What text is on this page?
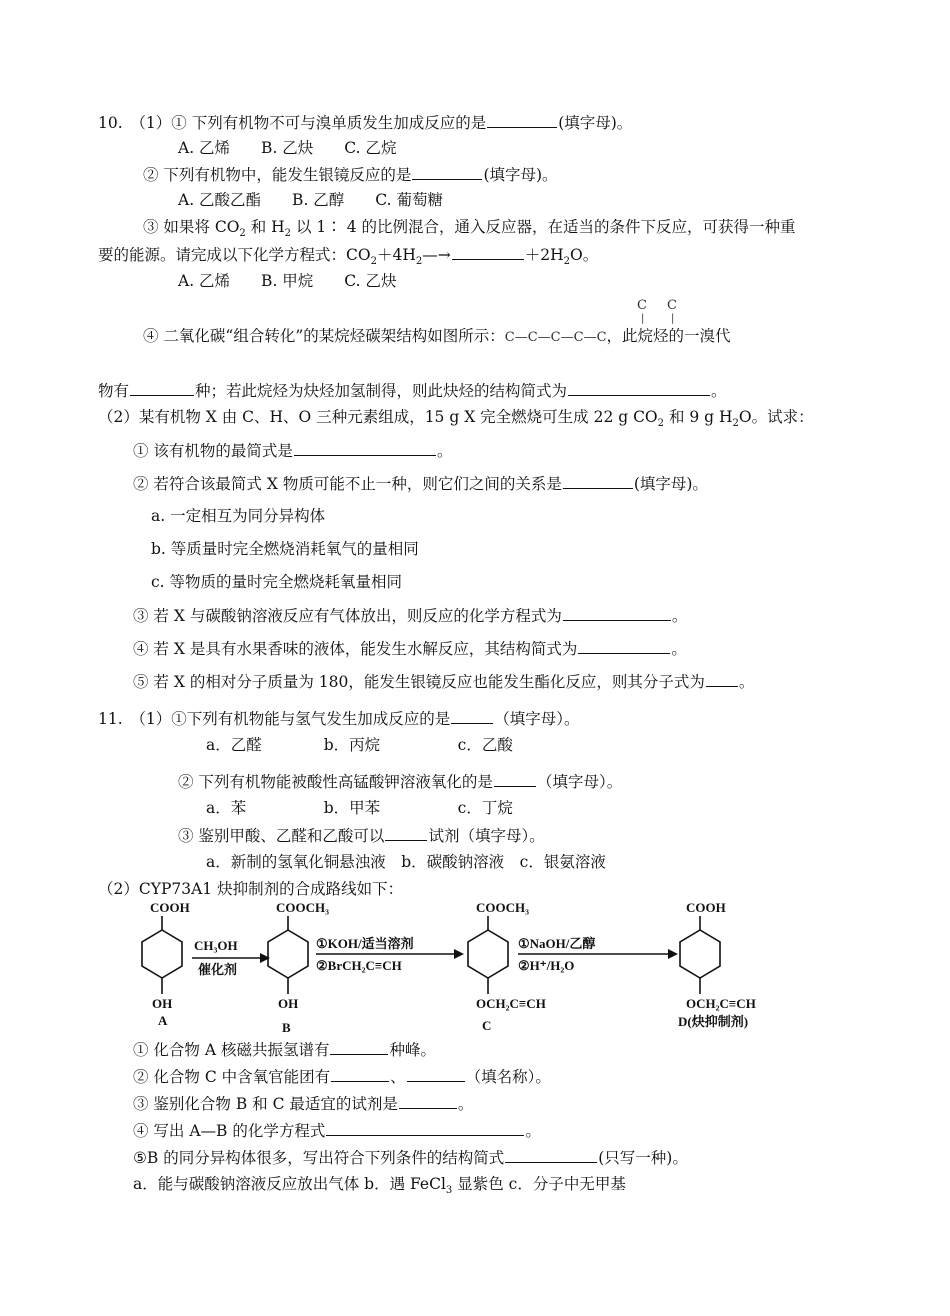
10.　（1）① 下列有机物不可与溴单质发生加成反应的是	(填字母)。
A. 乙烯　　B. 乙炔　　C. 乙烷
② 下列有机物中，能发生银镜反应的是	(填字母)。
A. 乙酸乙酯　　B. 乙醇　　C. 葡萄糖
③ 如果将 $CO_2$ 和 $H_2$ 以 1∶ 4 的比例混合，通入反应器，在适当的条件下反应，可获得一种重
要的能源。请完成以下化学方程式：$CO_2+4H_2—\to$	$+2H_2O$。
A. 乙烯　　B. 甲烷　　C. 乙炔
C C
|	|
④ 二氧化碳“组合转化”的某烷烃碳架结构如图所示：C—C—C—C—C，此烷烃的一溴代
物有	种；若此烷烃为炔烃加氢制得，则此炔烃的结构简式为	。
（2）某有机物 X 由 C、H、O 三种元素组成，15 g X 完全燃烧可生成 22 g $CO_2$ 和 9 g $H_2O$。试求：
① 该有机物的最简式是	。
② 若符合该最简式 X 物质可能不止一种，则它们之间的关系是	(填字母)。
a. 一定相互为同分异构体
b. 等质量时完全燃烧消耗氧气的量相同
c. 等物质的量时完全燃烧耗氧量相同
③ 若 X 与碳酸钠溶液反应有气体放出，则反应的化学方程式为	。
④ 若 X 是具有水果香味的液体，能发生水解反应，其结构简式为	。
⑤ 若 X 的相对分子质量为 180，能发生银镜反应也能发生酯化反应，则其分子式为 。
11.　（1）①下列有机物能与氢气发生加成反应的是	（填字母）。
a．乙醛　　　　b．丙烷　　　　　c．乙酸
② 下列有机物能被酸性高锰酸钾溶液氧化的是	（填字母）。
a．苯　　　　　b．甲苯　　　　　c．丁烷
③ 鉴别甲酸、乙醛和乙酸可以	试剂（填字母）。
a．新制的氢氧化铜悬浊液　b．碳酸钠溶液　c．银氨溶液
（2）CYP73A1 炔抑制剂的合成路线如下：
COOH
OH
A
COOCH₃
OH
B
COOCH₃
OCH₂C≡CH
C
COOH
OCH₂C≡CH
D(炔抑制剂)
CH₃OH
催化剂
①KOH/适当溶剂
②BrCH₂C≡CH
①NaOH/乙醇
②H⁺/H₂O
① 化合物 A 核磁共振氢谱有	种峰。
② 化合物 C 中含氧官能团有	、	（填名称）。
③ 鉴别化合物 B 和 C 最适宜的试剂是	。
④ 写出 A—B 的化学方程式	。
⑤B 的同分异构体很多，写出符合下列条件的结构简式	(只写一种)。
a．能与碳酸钠溶液反应放出气体 b．遇 FeCl$_3$ 显紫色 c．分子中无甲基
